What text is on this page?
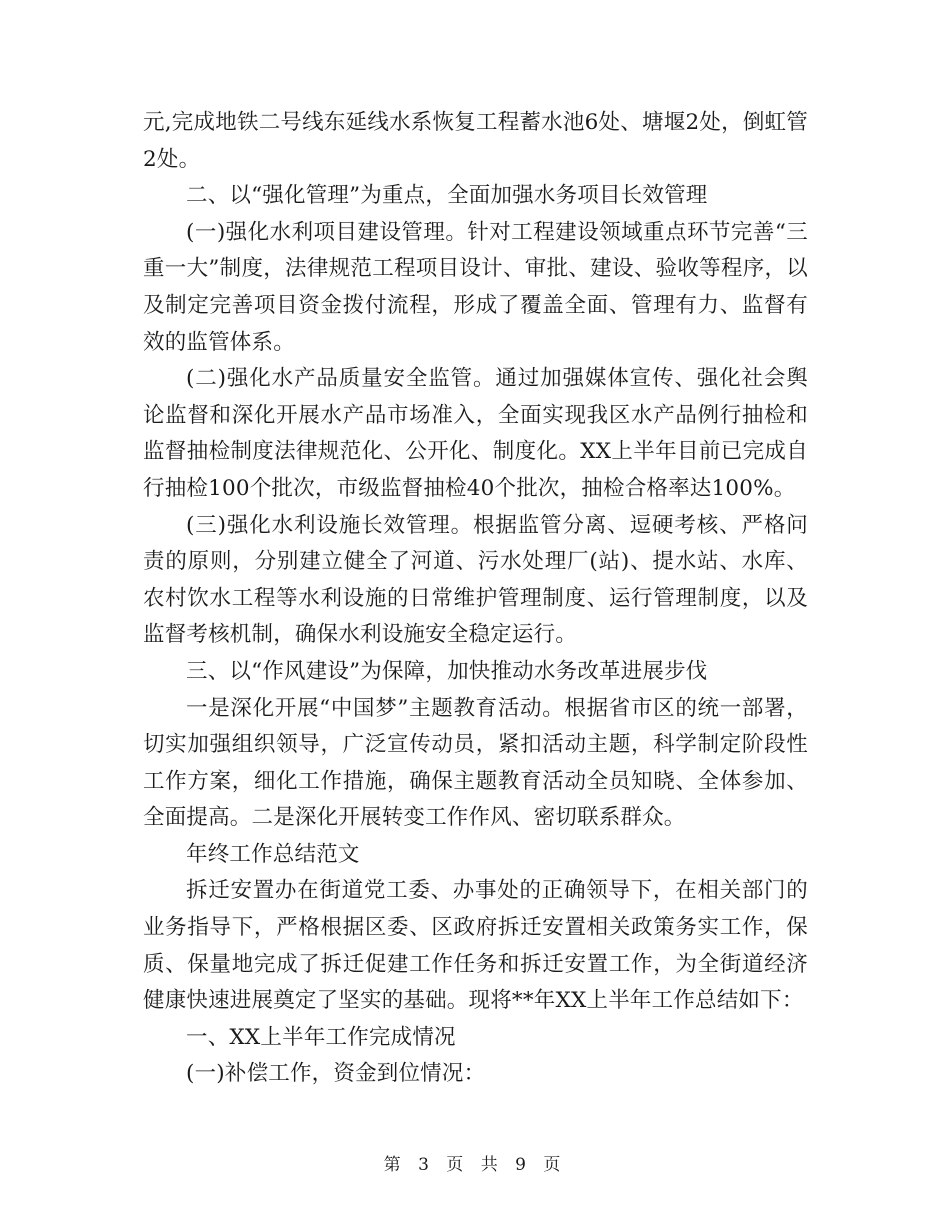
元,完成地铁二号线东延线水系恢复工程蓄水池6处、塘堰2处，倒虹管2处。

二、以“强化管理”为重点，全面加强水务项目长效管理

(一)强化水利项目建设管理。针对工程建设领域重点环节完善“三重一大”制度，法律规范工程项目设计、审批、建设、验收等程序，以及制定完善项目资金拨付流程，形成了覆盖全面、管理有力、监督有效的监管体系。

(二)强化水产品质量安全监管。通过加强媒体宣传、强化社会舆论监督和深化开展水产品市场准入，全面实现我区水产品例行抽检和监督抽检制度法律规范化、公开化、制度化。XX上半年目前已完成自行抽检100个批次，市级监督抽检40个批次，抽检合格率达100%。

(三)强化水利设施长效管理。根据监管分离、逗硬考核、严格问责的原则，分别建立健全了河道、污水处理厂(站)、提水站、水库、农村饮水工程等水利设施的日常维护管理制度、运行管理制度，以及监督考核机制，确保水利设施安全稳定运行。

三、以“作风建设”为保障，加快推动水务改革进展步伐

一是深化开展“中国梦”主题教育活动。根据省市区的统一部署，切实加强组织领导，广泛宣传动员，紧扣活动主题，科学制定阶段性工作方案，细化工作措施，确保主题教育活动全员知晓、全体参加、全面提高。二是深化开展转变工作作风、密切联系群众。

年终工作总结范文

拆迁安置办在街道党工委、办事处的正确领导下，在相关部门的业务指导下，严格根据区委、区政府拆迁安置相关政策务实工作，保质、保量地完成了拆迁促建工作任务和拆迁安置工作，为全街道经济健康快速进展奠定了坚实的基础。现将**年XX上半年工作总结如下：

一、XX上半年工作完成情况

(一)补偿工作，资金到位情况：

第 3 页 共 9 页
